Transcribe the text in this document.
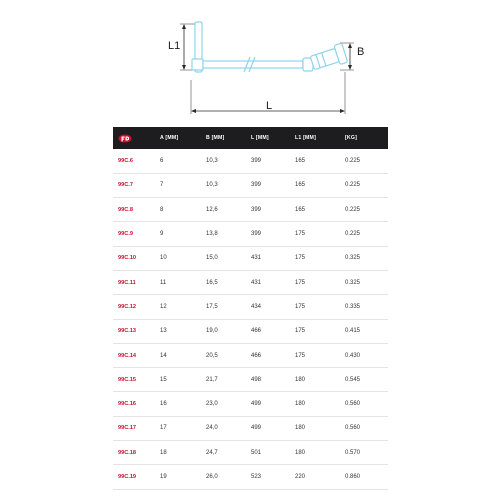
L1	B
L
	A [MM]	B [MM]	L [MM]	L1 [MM]	[KG]
99C.6	6	10,3	399	165	0.225
99C.7	7	10,3	399	165	0.225
99C.8	8	12,6	399	165	0.225
99C.9	9	13,8	399	175	0.225
99C.10	10	15,0	431	175	0.325
99C.11	11	16,5	431	175	0.325
99C.12	12	17,5	434	175	0.335
99C.13	13	19,0	466	175	0.415
99C.14	14	20,5	466	175	0.430
99C.15	15	21,7	498	180	0.545
99C.16	16	23,0	499	180	0.560
99C.17	17	24,0	499	180	0.560
99C.18	18	24,7	501	180	0.570
99C.19	19	26,0	523	220	0.860
